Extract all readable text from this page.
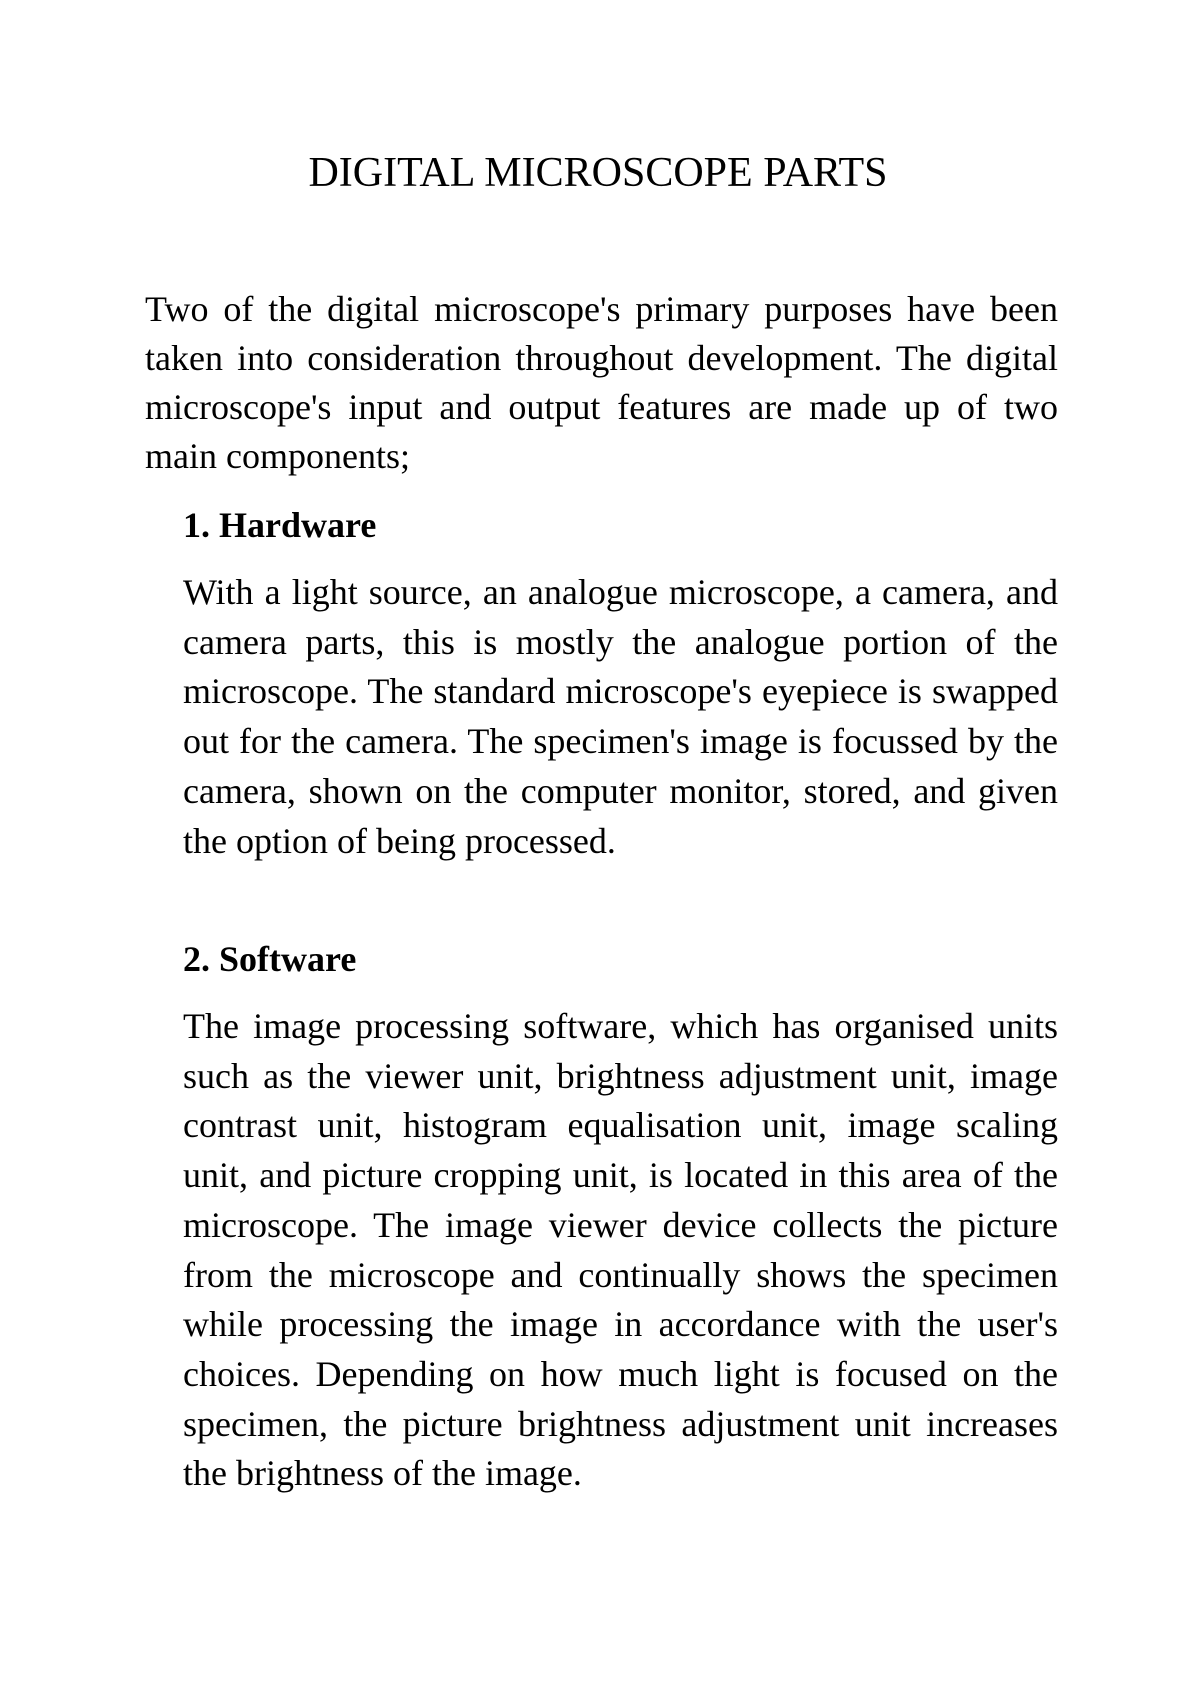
DIGITAL MICROSCOPE PARTS

Two of the digital microscope's primary purposes have been taken into consideration throughout development. The digital microscope's input and output features are made up of two main components;

1. Hardware

With a light source, an analogue microscope, a camera, and camera parts, this is mostly the analogue portion of the microscope. The standard microscope's eyepiece is swapped out for the camera. The specimen's image is focussed by the camera, shown on the computer monitor, stored, and given the option of being processed.

2. Software

The image processing software, which has organised units such as the viewer unit, brightness adjustment unit, image contrast unit, histogram equalisation unit, image scaling unit, and picture cropping unit, is located in this area of the microscope. The image viewer device collects the picture from the microscope and continually shows the specimen while processing the image in accordance with the user's choices. Depending on how much light is focused on the specimen, the picture brightness adjustment unit increases the brightness of the image.
